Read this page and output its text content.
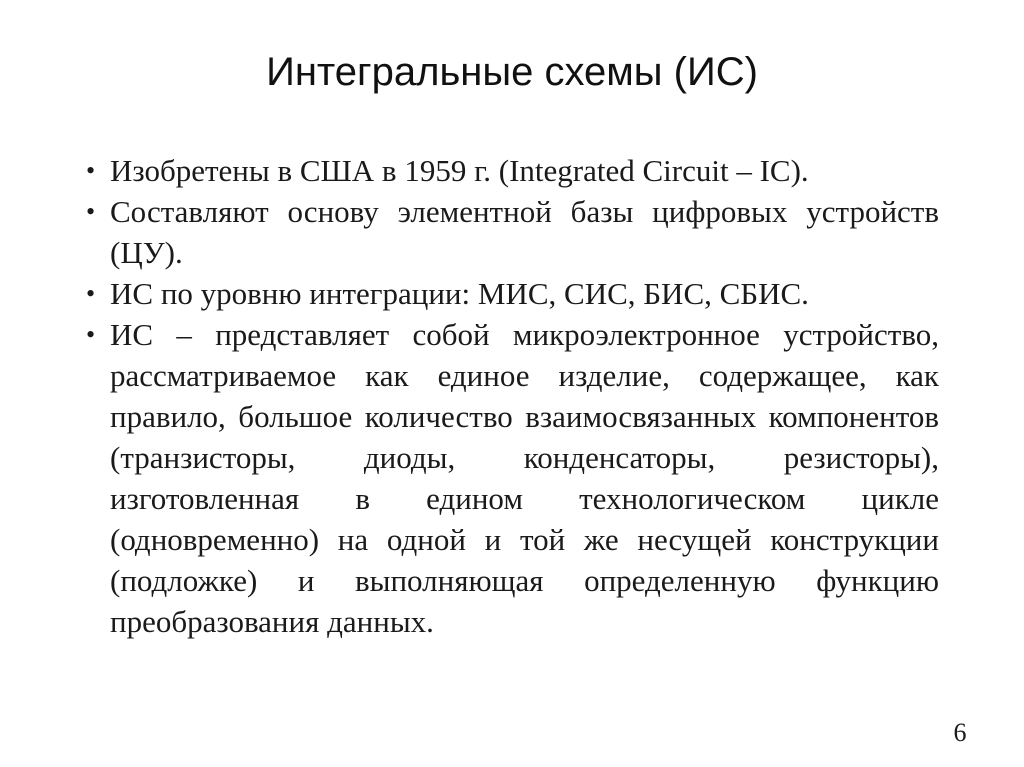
Интегральные схемы (ИС)
• Изобретены в США в 1959 г. (Integrated Circuit – IC).
• Составляют основу элементной базы цифровых устройств (ЦУ).
• ИС по уровню интеграции: МИС, СИС, БИС, СБИС.
• ИС – представляет собой микроэлектронное устройство, рассматриваемое как единое изделие, содержащее, как правило, большое количество взаимосвязанных компонентов (транзисторы, диоды, конденсаторы, резисторы), изготовленная в едином технологическом цикле (одновременно) на одной и той же несущей конструкции (подложке) и выполняющая определенную функцию преобразования данных.
6
